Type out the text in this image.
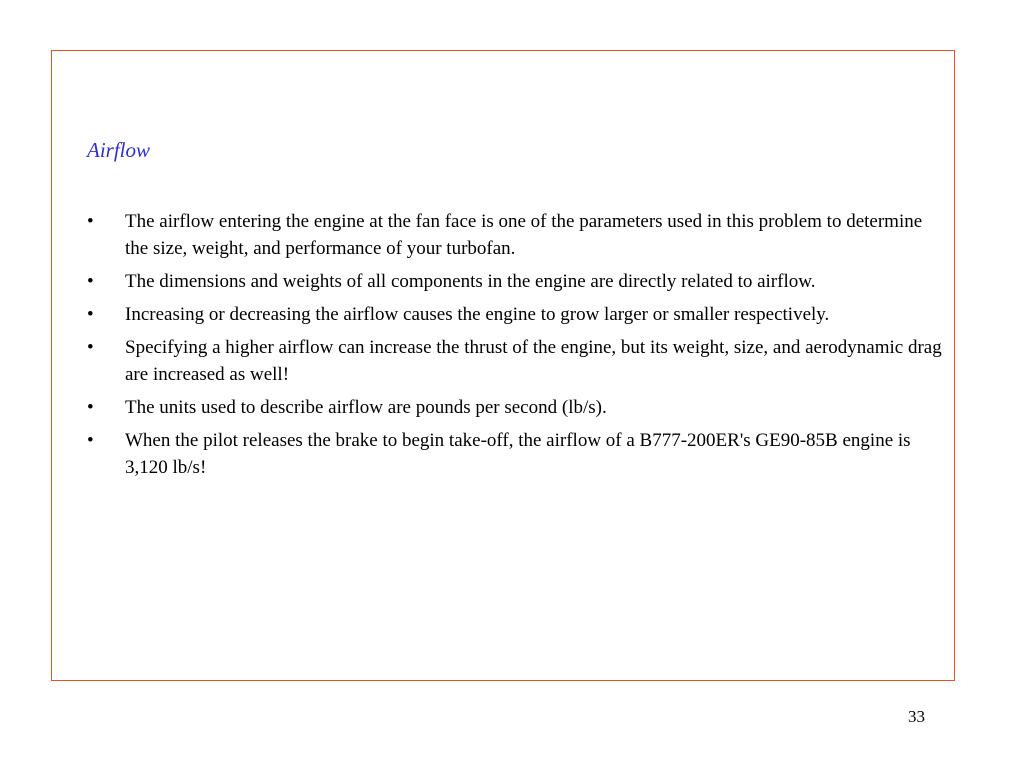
Airflow
•	The airflow entering the engine at the fan face is one of the parameters used in this problem to determine the size, weight, and performance of your turbofan.
•	The dimensions and weights of all components in the engine are directly related to airflow.
•	Increasing or decreasing the airflow causes the engine to grow larger or smaller respectively.
•	Specifying a higher airflow can increase the thrust of the engine, but its weight, size, and aerodynamic drag are increased as well!
•	The units used to describe airflow are pounds per second (lb/s).
•	When the pilot releases the brake to begin take-off, the airflow of a B777-200ER's GE90-85B engine is 3,120 lb/s!
33
